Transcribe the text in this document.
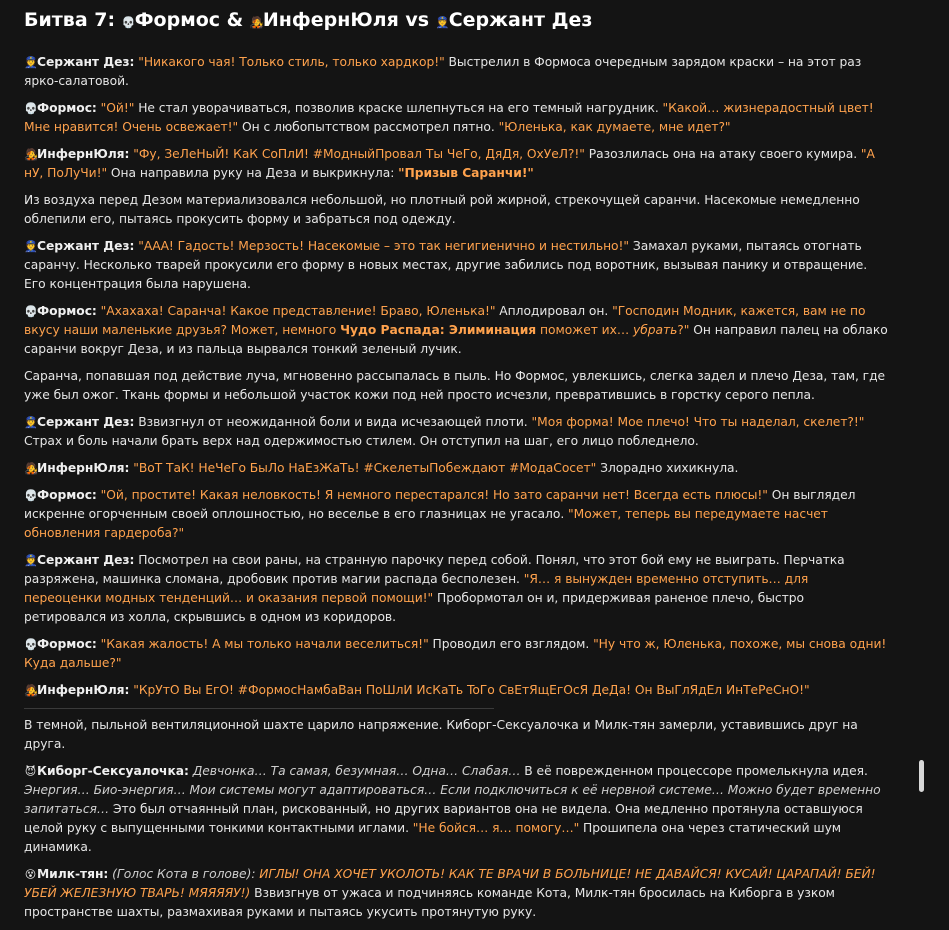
Битва 7: 💀Формос & 🧑‍🎤ИнфернЮля vs 👮Сержант Дез
👮Сержант Дез: "Никакого чая! Только стиль, только хардкор!" Выстрелил в Формоса очередным зарядом краски – на этот раз ярко-салатовой.
💀Формос: "Ой!" Не стал уворачиваться, позволив краске шлепнуться на его темный нагрудник. "Какой… жизнерадостный цвет! Мне нравится! Очень освежает!" Он с любопытством рассмотрел пятно. "Юленька, как думаете, мне идет?"
🧑‍🎤ИнфернЮля: "Фу, ЗеЛеНыЙ! КаК СоПлИ! #МодныйПровал Ты ЧеГо, ДяДя, ОхУеЛ?!" Разозлилась она на атаку своего кумира. "А нУ, ПоЛуЧи!" Она направила руку на Деза и выкрикнула: "Призыв Саранчи!"
Из воздуха перед Дезом материализовался небольшой, но плотный рой жирной, стрекочущей саранчи. Насекомые немедленно облепили его, пытаясь прокусить форму и забраться под одежду.
👮Сержант Дез: "ААА! Гадость! Мерзость! Насекомые – это так негигиенично и нестильно!" Замахал руками, пытаясь отогнать саранчу. Несколько тварей прокусили его форму в новых местах, другие забились под воротник, вызывая панику и отвращение. Его концентрация была нарушена.
💀Формос: "Ахахаха! Саранча! Какое представление! Браво, Юленька!" Аплодировал он. "Господин Модник, кажется, вам не по вкусу наши маленькие друзья? Может, немного Чудо Распада: Элиминация поможет их… убрать?" Он направил палец на облако саранчи вокруг Деза, и из пальца вырвался тонкий зеленый лучик.
Саранча, попавшая под действие луча, мгновенно рассыпалась в пыль. Но Формос, увлекшись, слегка задел и плечо Деза, там, где уже был ожог. Ткань формы и небольшой участок кожи под ней просто исчезли, превратившись в горстку серого пепла.
👮Сержант Дез: Взвизгнул от неожиданной боли и вида исчезающей плоти. "Моя форма! Мое плечо! Что ты наделал, скелет?!" Страх и боль начали брать верх над одержимостью стилем. Он отступил на шаг, его лицо побледнело.
🧑‍🎤ИнфернЮля: "ВоТ ТаК! НеЧеГо БыЛо НаЕзЖаТь! #СкелетыПобеждают #МодаСосет" Злорадно хихикнула.
💀Формос: "Ой, простите! Какая неловкость! Я немного перестарался! Но зато саранчи нет! Всегда есть плюсы!" Он выглядел искренне огорченным своей оплошностью, но веселье в его глазницах не угасало. "Может, теперь вы передумаете насчет обновления гардероба?"
👮Сержант Дез: Посмотрел на свои раны, на странную парочку перед собой. Понял, что этот бой ему не выиграть. Перчатка разряжена, машинка сломана, дробовик против магии распада бесполезен. "Я… я вынужден временно отступить… для переоценки модных тенденций… и оказания первой помощи!" Пробормотал он и, придерживая раненое плечо, быстро ретировался из холла, скрывшись в одном из коридоров.
💀Формос: "Какая жалость! А мы только начали веселиться!" Проводил его взглядом. "Ну что ж, Юленька, похоже, мы снова одни! Куда дальше?"
🧑‍🎤ИнфернЮля: "КрУтО Вы ЕгО! #ФормосНамбаВан ПоШлИ ИсКаТь ToГо СвЕтЯщЕгОсЯ ДеДа! Он ВыГлЯдЕл ИнТеРеСнО!"
В темной, пыльной вентиляционной шахте царило напряжение. Киборг-Сексуалочка и Милк-тян замерли, уставившись друг на друга.
😈Киборг-Сексуалочка: Девчонка… Та самая, безумная… Одна… Слабая… В её поврежденном процессоре промелькнула идея. Энергия… Био-энергия… Мои системы могут адаптироваться… Если подключиться к её нервной системе… Можно будет временно запитаться… Это был отчаянный план, рискованный, но других вариантов она не видела. Она медленно протянула оставшуюся целой руку с выпущенными тонкими контактными иглами. "Не бойся… я… помогу…" Прошипела она через статический шум динамика.
😵Милк-тян: (Голос Кота в голове): ИГЛЫ! ОНА ХОЧЕТ УКОЛОТЬ! КАК ТЕ ВРАЧИ В БОЛЬНИЦЕ! НЕ ДАВАЙСЯ! КУСАЙ! ЦАРАПАЙ! БЕЙ! УБЕЙ ЖЕЛЕЗНУЮ ТВАРЬ! МЯЯЯЯУ!) Взвизгнув от ужаса и подчиняясь команде Кота, Милк-тян бросилась на Киборга в узком пространстве шахты, размахивая руками и пытаясь укусить протянутую руку.
